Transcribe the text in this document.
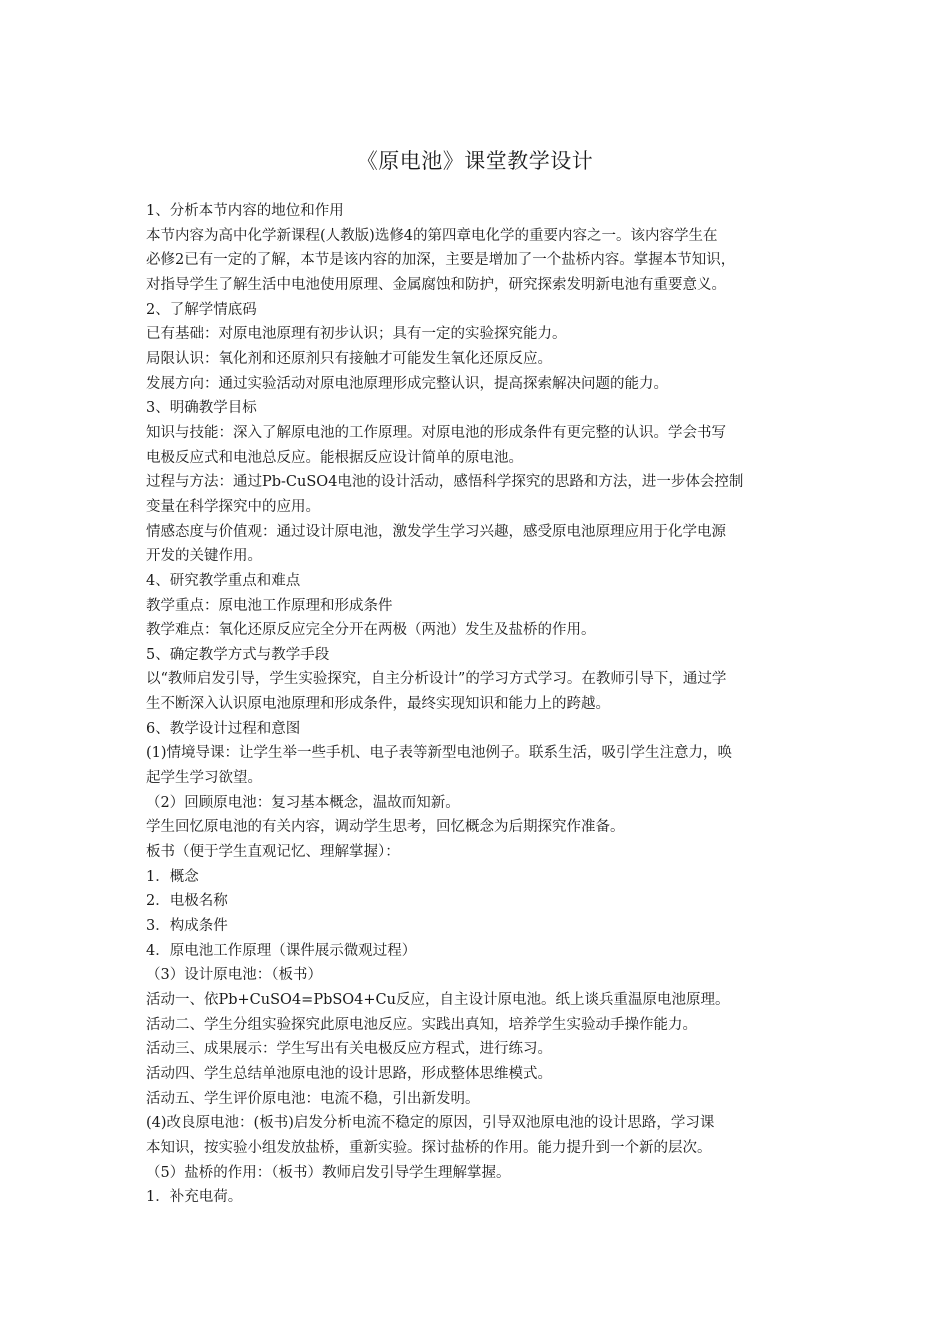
《原电池》课堂教学设计
1、分析本节内容的地位和作用
本节内容为高中化学新课程(人教版)选修4的第四章电化学的重要内容之一。该内容学生在
必修2已有一定的了解，本节是该内容的加深，主要是增加了一个盐桥内容。掌握本节知识，
对指导学生了解生活中电池使用原理、金属腐蚀和防护，研究探索发明新电池有重要意义。
2、了解学情底码
已有基础：对原电池原理有初步认识；具有一定的实验探究能力。
局限认识：氧化剂和还原剂只有接触才可能发生氧化还原反应。
发展方向：通过实验活动对原电池原理形成完整认识，提高探索解决问题的能力。
3、明确教学目标
知识与技能：深入了解原电池的工作原理。对原电池的形成条件有更完整的认识。学会书写
电极反应式和电池总反应。能根据反应设计简单的原电池。
过程与方法：通过Pb-CuSO4电池的设计活动，感悟科学探究的思路和方法，进一步体会控制
变量在科学探究中的应用。
情感态度与价值观：通过设计原电池，激发学生学习兴趣，感受原电池原理应用于化学电源
开发的关键作用。
4、研究教学重点和难点
教学重点：原电池工作原理和形成条件
教学难点：氧化还原反应完全分开在两极（两池）发生及盐桥的作用。
5、确定教学方式与教学手段
以“教师启发引导，学生实验探究，自主分析设计”的学习方式学习。在教师引导下，通过学
生不断深入认识原电池原理和形成条件，最终实现知识和能力上的跨越。
6、教学设计过程和意图
(1)情境导课：让学生举一些手机、电子表等新型电池例子。联系生活，吸引学生注意力，唤
起学生学习欲望。
（2）回顾原电池：复习基本概念，温故而知新。
学生回忆原电池的有关内容，调动学生思考，回忆概念为后期探究作准备。
板书（便于学生直观记忆、理解掌握）：
1．概念
2．电极名称
3．构成条件
4．原电池工作原理（课件展示微观过程）
（3）设计原电池：（板书）
活动一、依Pb+CuSO4=PbSO4+Cu反应，自主设计原电池。纸上谈兵重温原电池原理。
活动二、学生分组实验探究此原电池反应。实践出真知，培养学生实验动手操作能力。
活动三、成果展示：学生写出有关电极反应方程式，进行练习。
活动四、学生总结单池原电池的设计思路，形成整体思维模式。
活动五、学生评价原电池：电流不稳，引出新发明。
(4)改良原电池：(板书)启发分析电流不稳定的原因，引导双池原电池的设计思路，学习课
本知识，按实验小组发放盐桥，重新实验。探讨盐桥的作用。能力提升到一个新的层次。
（5）盐桥的作用：（板书）教师启发引导学生理解掌握。
1．补充电荷。
